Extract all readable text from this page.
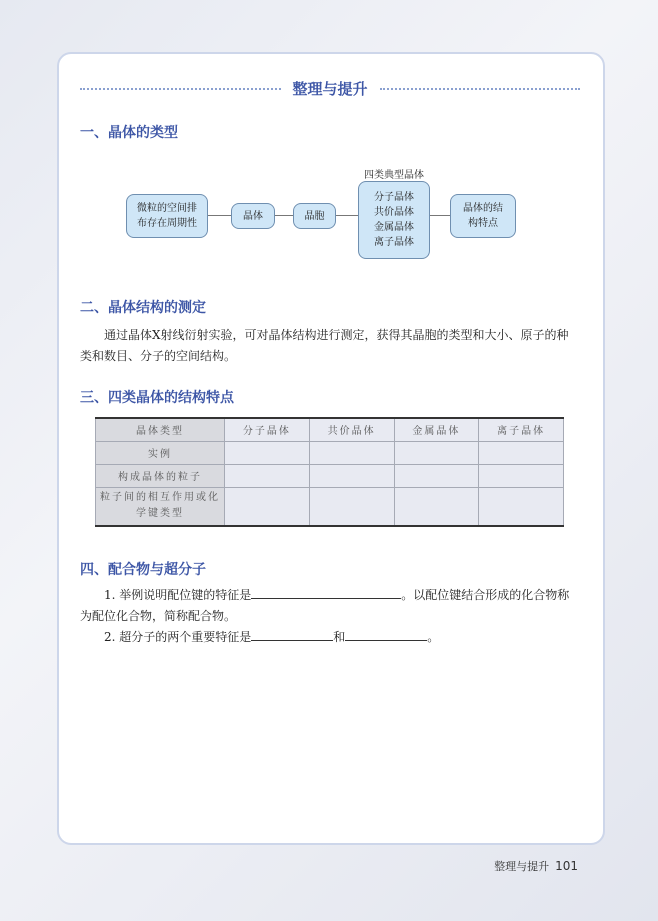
整理与提升
一、晶体的类型
微粒的空间排布存在周期性
晶体	晶胞
四类典型晶体
分子晶体
共价晶体
金属晶体
离子晶体
晶体的结构特点
二、晶体结构的测定
通过晶体X射线衍射实验，可对晶体结构进行测定，获得其晶胞的类型和大小、原子的种类和数目、分子的空间结构。
三、四类晶体的结构特点
晶体类型	分子晶体	共价晶体	金属晶体	离子晶体
实例				
构成晶体的粒子				
粒子间的相互作用或化学键类型				
四、配合物与超分子
1. 举例说明配位键的特征是	。以配位键结合形成的化合物称为配位化合物，简称配合物。
2. 超分子的两个重要特征是	和	。
整理与提升 101
